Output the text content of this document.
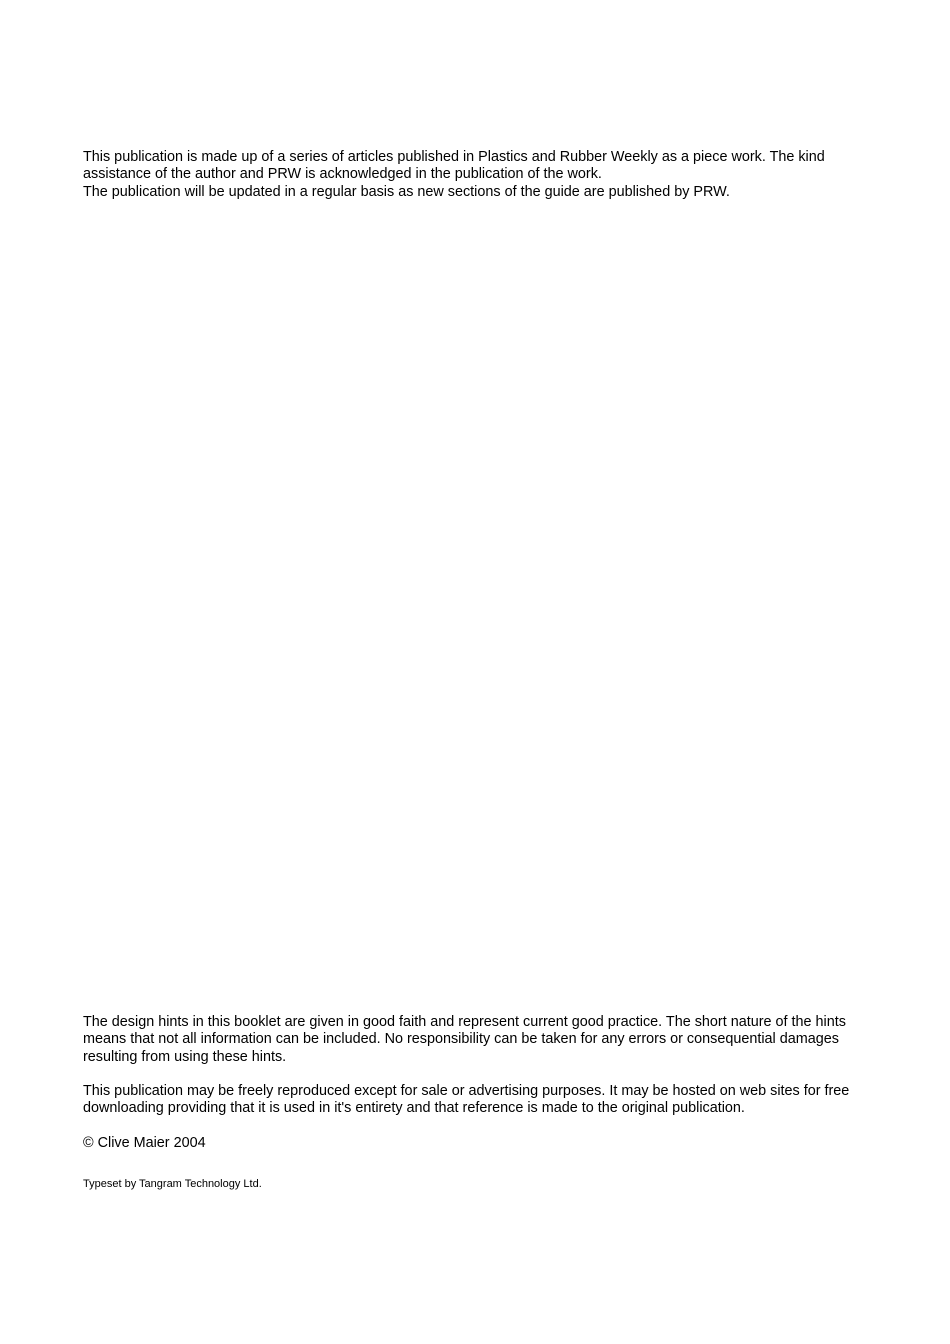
This publication is made up of a series of articles published in Plastics and Rubber Weekly as a piece work. The kind assistance of the author and PRW is acknowledged in the publication of the work.

The publication will be updated in a regular basis as new sections of the guide are published by PRW.

The design hints in this booklet are given in good faith and represent current good practice. The short nature of the hints means that not all information can be included. No responsibility can be taken for any errors or consequential damages resulting from using these hints.

This publication may be freely reproduced except for sale or advertising purposes. It may be hosted on web sites for free downloading providing that it is used in it's entirety and that reference is made to the original publication.

© Clive Maier 2004

Typeset by Tangram Technology Ltd.
